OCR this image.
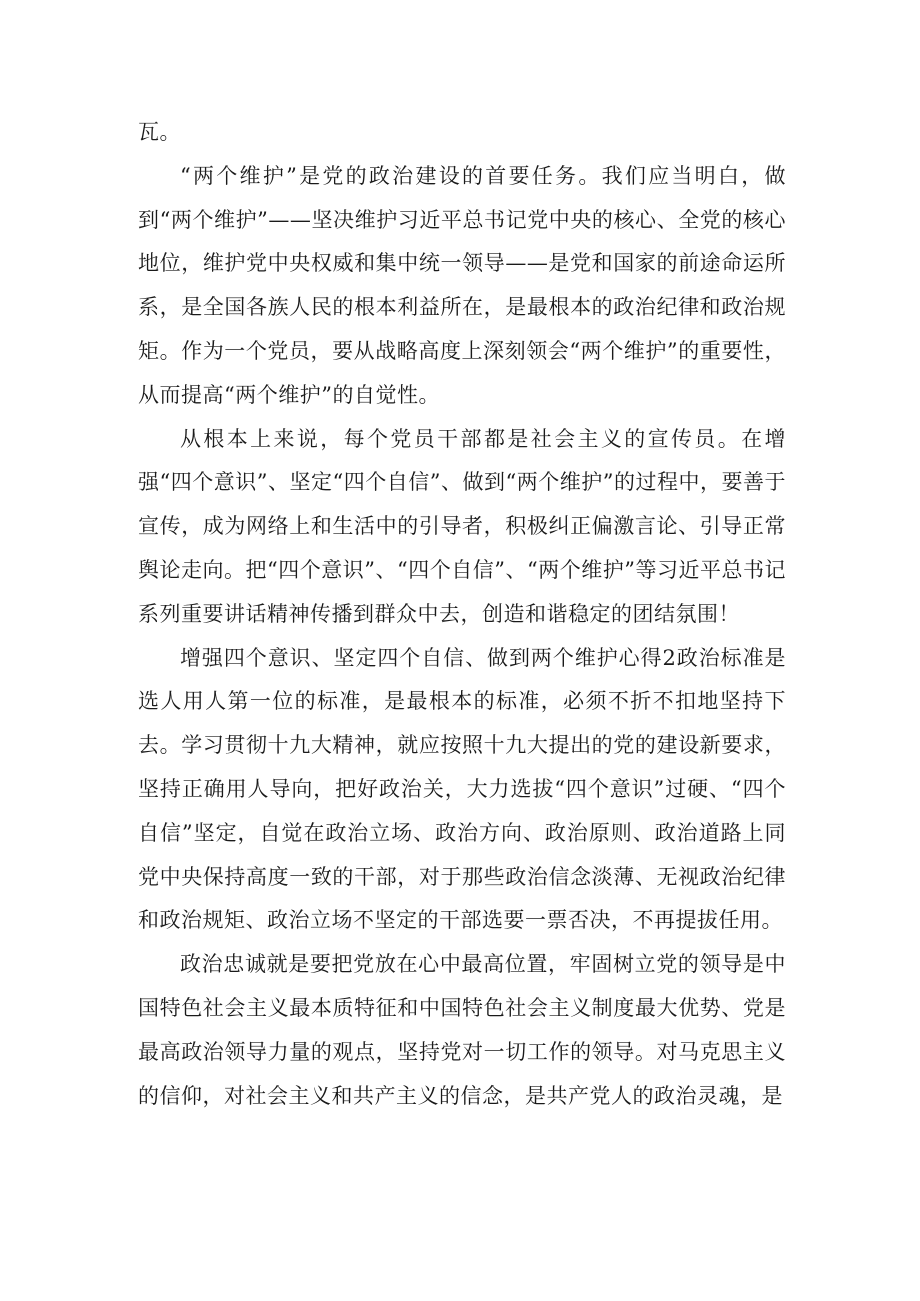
瓦。

“两个维护”是党的政治建设的首要任务。我们应当明白，做到“两个维护”——坚决维护习近平总书记党中央的核心、全党的核心地位，维护党中央权威和集中统一领导——是党和国家的前途命运所系，是全国各族人民的根本利益所在，是最根本的政治纪律和政治规矩。作为一个党员，要从战略高度上深刻领会“两个维护”的重要性，从而提高“两个维护”的自觉性。

从根本上来说，每个党员干部都是社会主义的宣传员。在增强“四个意识”、坚定“四个自信”、做到“两个维护”的过程中，要善于宣传，成为网络上和生活中的引导者，积极纠正偏激言论、引导正常舆论走向。把“四个意识”、“四个自信”、“两个维护”等习近平总书记系列重要讲话精神传播到群众中去，创造和谐稳定的团结氛围！

增强四个意识、坚定四个自信、做到两个维护心得2政治标准是选人用人第一位的标准，是最根本的标准，必须不折不扣地坚持下去。学习贯彻十九大精神，就应按照十九大提出的党的建设新要求，坚持正确用人导向，把好政治关，大力选拔“四个意识”过硬、“四个自信”坚定，自觉在政治立场、政治方向、政治原则、政治道路上同党中央保持高度一致的干部，对于那些政治信念淡薄、无视政治纪律和政治规矩、政治立场不坚定的干部选要一票否决，不再提拔任用。

政治忠诚就是要把党放在心中最高位置，牢固树立党的领导是中国特色社会主义最本质特征和中国特色社会主义制度最大优势、党是最高政治领导力量的观点，坚持党对一切工作的领导。对马克思主义的信仰，对社会主义和共产主义的信念，是共产党人的政治灵魂，是
